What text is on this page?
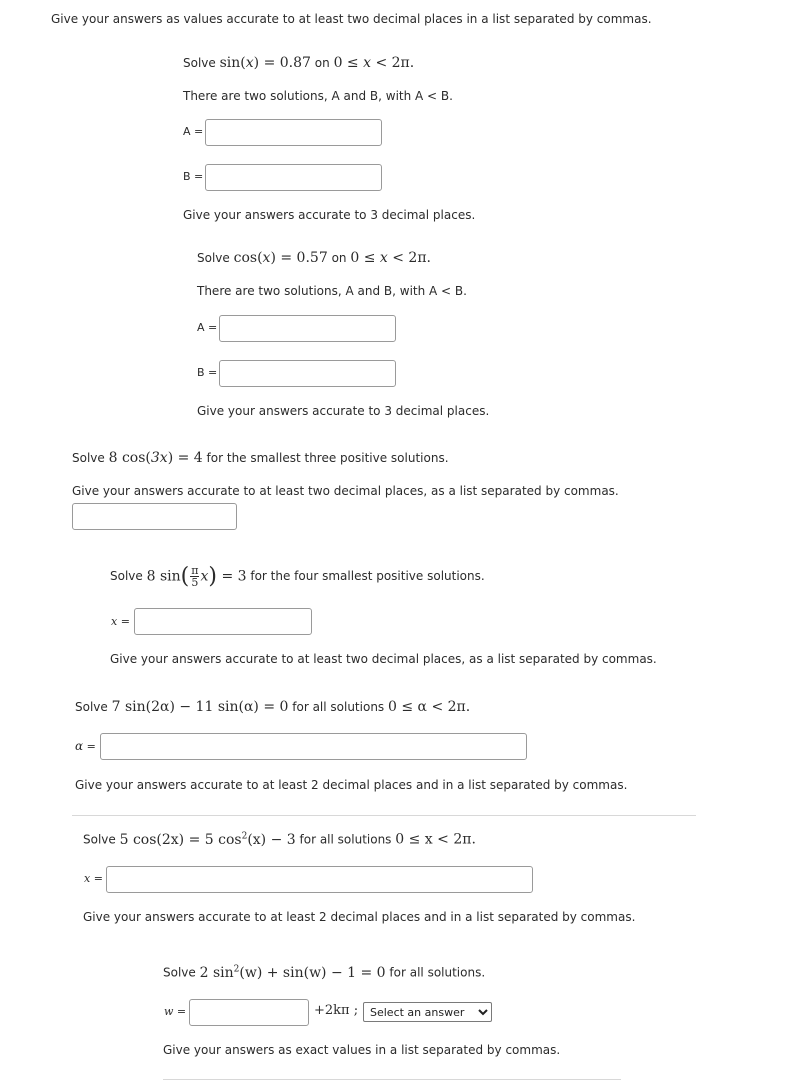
Give your answers as values accurate to at least two decimal places in a list separated by commas.
Solve sin(x) = 0.87 on 0 ≤ x < 2π.
There are two solutions, A and B, with A < B.
A =
B =
Give your answers accurate to 3 decimal places.
Solve cos(x) = 0.57 on 0 ≤ x < 2π.
There are two solutions, A and B, with A < B.
A =
B =
Give your answers accurate to 3 decimal places.
Solve 8 cos(3x) = 4 for the smallest three positive solutions.
Give your answers accurate to at least two decimal places, as a list separated by commas.
Solve
8 $\sin( \frac{\pi}{5} x) = 3$
for the four smallest positive solutions.
x =
Give your answers accurate to at least two decimal places, as a list separated by commas.
Solve 7 sin(2α) − 11 sin(α) = 0 for all solutions 0 ≤ α < 2π.
α =
Give your answers accurate to at least 2 decimal places and in a list separated by commas.
Solve 5 cos(2x) = 5 $\cos^2(x) - 3$ for all solutions 0 ≤ x < 2π.
x =
Give your answers accurate to at least 2 decimal places and in a list separated by commas.
Solve 2 $\sin^2(w) + \sin(w) - 1 = 0$ for all solutions.
w =	+2kπ ;
Select an answer
Give your answers as exact values in a list separated by commas.
